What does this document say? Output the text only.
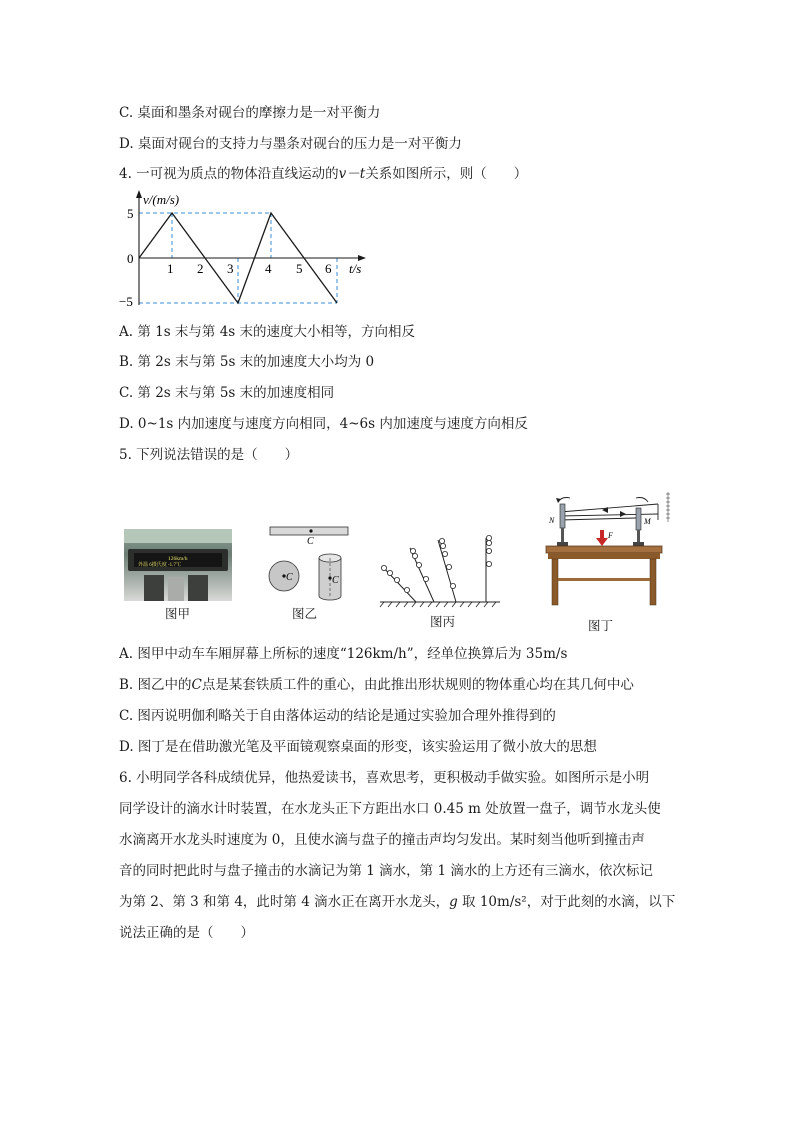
C. 桌面和墨条对砚台的摩擦力是一对平衡力
D. 桌面对砚台的支持力与墨条对砚台的压力是一对平衡力
4. 一可视为质点的物体沿直线运动的v－t关系如图所示，则（　　）
v/(m/s)
t/s
5
0
−5
1 2 3 4 5 6
A. 第 1s 末与第 4s 末的速度大小相等，方向相反
B. 第 2s 末与第 5s 末的加速度大小均为 0
C. 第 2s 末与第 5s 末的加速度相同
D. 0~1s 内加速度与速度方向相同，4~6s 内加速度与速度方向相反
5. 下列说法错误的是（　　）
126km/h
外温 6摄氏度 -1.7℃
图甲
C
C	C
图乙
图丙
N	M
F
图丁
A. 图甲中动车车厢屏幕上所标的速度“126km/h”，经单位换算后为 35m/s
B. 图乙中的C点是某套铁质工件的重心，由此推出形状规则的物体重心均在其几何中心
C. 图丙说明伽利略关于自由落体运动的结论是通过实验加合理外推得到的
D. 图丁是在借助激光笔及平面镜观察桌面的形变，该实验运用了微小放大的思想
6. 小明同学各科成绩优异，他热爱读书，喜欢思考，更积极动手做实验。如图所示是小明
同学设计的滴水计时装置，在水龙头正下方距出水口 0.45 m 处放置一盘子，调节水龙头使
水滴离开水龙头时速度为 0，且使水滴与盘子的撞击声均匀发出。某时刻当他听到撞击声
音的同时把此时与盘子撞击的水滴记为第 1 滴水，第 1 滴水的上方还有三滴水，依次标记
为第 2、第 3 和第 4，此时第 4 滴水正在离开水龙头，g 取 10m/s²，对于此刻的水滴，以下
说法正确的是（　　）
